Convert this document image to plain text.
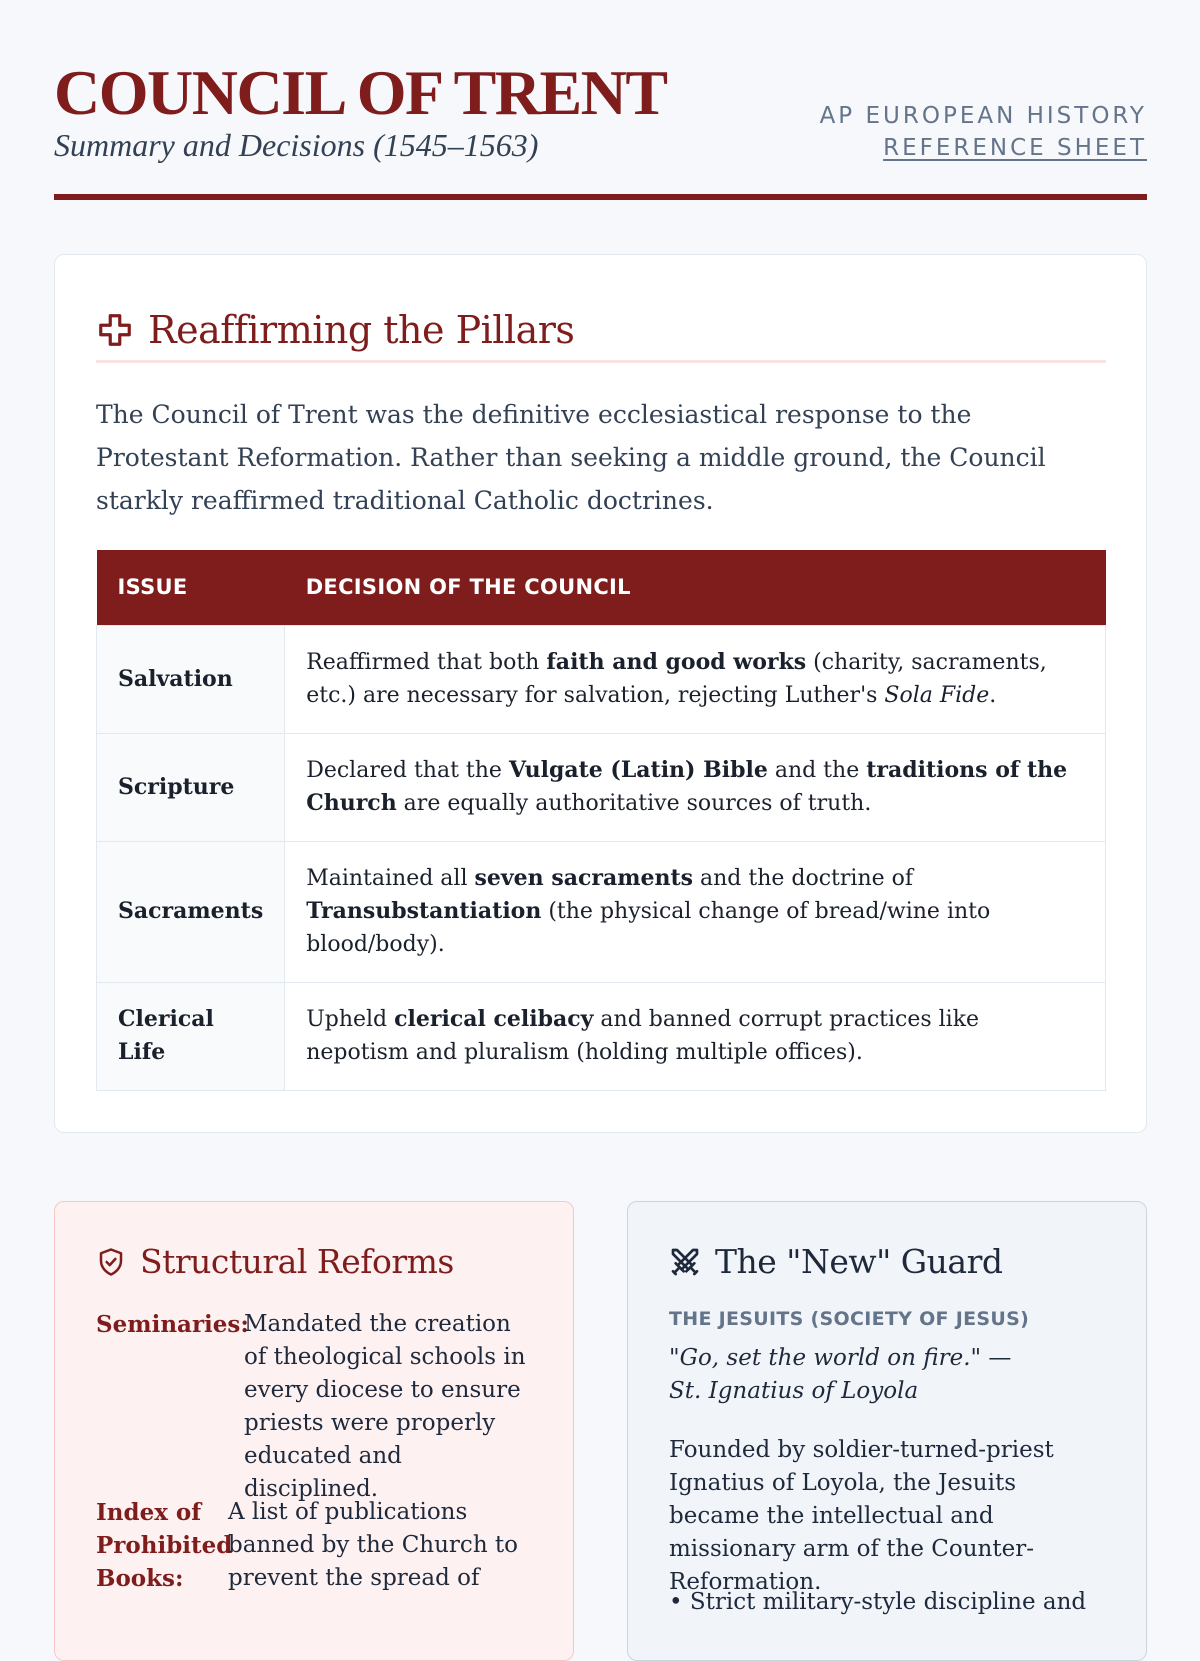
COUNCIL OF TRENT
Summary and Decisions (1545–1563)
AP EUROPEAN HISTORY
REFERENCE SHEET
Reaffirming the Pillars

The Council of Trent was the definitive ecclesiastical response to the Protestant Reformation. Rather than seeking a middle ground, the Council starkly reaffirmed traditional Catholic doctrines.

ISSUE	DECISION OF THE COUNCIL
Salvation	Reaffirmed that both faith and good works (charity, sacraments, etc.) are necessary for salvation, rejecting Luther's Sola Fide.
Scripture	Declared that the Vulgate (Latin) Bible and the traditions of the Church are equally authoritative sources of truth.
Sacraments	Maintained all seven sacraments and the doctrine of Transubstantiation (the physical change of bread/wine into blood/body).
Clerical Life	Upheld clerical celibacy and banned corrupt practices like nepotism and pluralism (holding multiple offices).
Structural Reforms
Seminaries:
Mandated the creation of theological schools in every diocese to ensure priests were properly educated and disciplined.
Index of Prohibited Books:
A list of publications banned by the Church to prevent the spread of
The "New" Guard
THE JESUITS (SOCIETY OF JESUS)
"Go, set the world on fire." — St. Ignatius of Loyola
Founded by soldier-turned-priest Ignatius of Loyola, the Jesuits became the intellectual and missionary arm of the Counter-Reformation.
• Strict military-style discipline and
